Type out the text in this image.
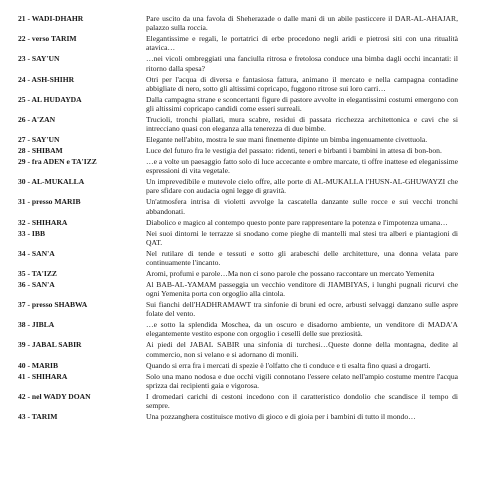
21 - WADI-DHAHR	Pare uscito da una favola di Sheherazade o dalle mani di un abile pasticcere il DAR-AL-AHAJAR, palazzo sulla roccia.
22 - verso TARIM	Elegantissime e regali, le portatrici di erbe procedono negli aridi e pietrosi siti con una ritualità atavica…
23 - SAY'UN	…nei vicoli ombreggiati una fanciulla ritrosa e fretolosa conduce una bimba dagli occhi incantati: il ritorno dalla spesa?
24 - ASH-SHIHR	Otri per l'acqua di diversa e fantasiosa fattura, animano il mercato e nella campagna contadine abbigliate di nero, sotto gli altissimi copricapo, fuggono ritrose sui loro carri…
25 - AL HUDAYDA	Dalla campagna strane e sconcertanti figure di pastore avvolte in elegantissimi costumi emergono con gli altissimi copricapo candidi come esseri surreali.
26 - A'ZAN	Trucioli, tronchi piallati, mura scabre, residui di passata ricchezza architettonica e cavi che si intrecciano quasi con eleganza alla tenerezza di due bimbe.
27 - SAY'UN	Elegante nell'abito, mostra le sue mani finemente dipinte un bimba ingenuamente civettuola.
28 - SHIBAM	Luce del futuro fra le vestigia del passato: ridenti, teneri e birbanti i bambini in attesa di bon-bon.
29 - fra ADEN e TA'IZZ	…e a volte un paesaggio fatto solo di luce accecante e ombre marcate, ti offre inattese ed eleganissime espressioni di vita vegetale.
30 - AL-MUKALLA	Un imprevedibile e mutevole cielo offre, alle porte di AL-MUKALLA l'HUSN-AL-GHUWAYZI che pare sfidare con audacia ogni legge di gravità.
31 - presso MARIB	Un'atmosfera intrisa di violetti avvolge la cascatella danzante sulle rocce e sui vecchi tronchi abbandonati.
32 - SHIHARA	Diabolico e magico al contempo questo ponte pare rappresentare la potenza e l'impotenza umana…
33 - IBB	Nei suoi dintorni le terrazze si snodano come pieghe di mantelli mal stesi tra alberi e piantagioni di QAT.
34 - SAN'A	Nel rutilare di tende e tessuti e sotto gli arabeschi delle architetture, una donna velata pare continuamente l'incanto.
35 - TA'IZZ	Aromi, profumi e parole…Ma non ci sono parole che possano raccontare un mercato Yemenita
36 - SAN'A	Al BAB-AL-YAMAM passeggia un vecchio venditore di JIAMBIYAS, i lunghi pugnali ricurvi che ogni Yemenita porta con orgoglio alla cintola.
37 - presso SHABWA	Sui fianchi dell'HADHRAMAWT tra sinfonie di bruni ed ocre, arbusti selvaggi danzano sulle aspre folate del vento.
38 - JIBLA	…e sotto la splendida Moschea, da un oscuro e disadorno ambiente, un venditore di MADA'A elegantemente vestito espone con orgoglio i cesellì delle sue preziosità.
39 - JABAL SABIR	Ai piedi del JABAL SABIR una sinfonia di turchesi…Queste donne della montagna, dedite al commercio, non si velano e si adornano di monili.
40 - MARIB	Quando si erra fra i mercati di spezie è l'olfatto che ti conduce e ti esalta fino quasi a drogarti.
41 - SHIHARA	Solo una mano nodosa e due occhi vigili connotano l'essere celato nell'ampio costume mentre l'acqua sprizza dai recipienti gaia e vigorosa.
42 - nel WADY DOAN	I dromedari carichi di cestoni incedono con il caratteristico dondolio che scandisce il tempo di sempre.
43 - TARIM	Una pozzanghera costituisce motivo di gioco e di gioia per i bambini di tutto il mondo…
